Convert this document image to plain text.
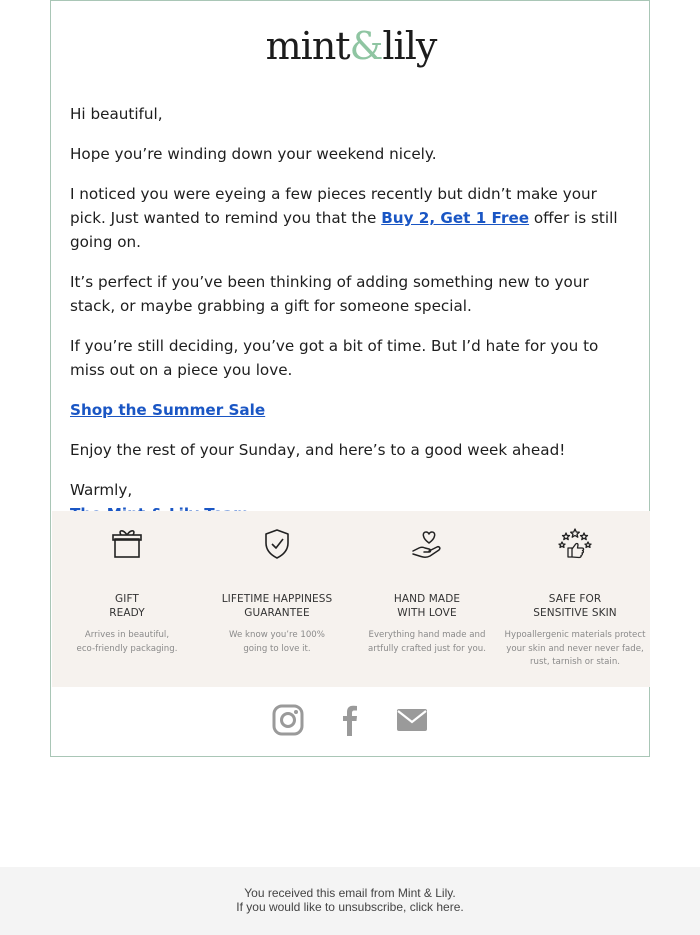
mint&lily

Hi beautiful,

Hope you’re winding down your weekend nicely.

I noticed you were eyeing a few pieces recently but didn’t make your pick. Just wanted to remind you that the Buy 2, Get 1 Free offer is still going on.

It’s perfect if you’ve been thinking of adding something new to your stack, or maybe grabbing a gift for someone special.

If you’re still deciding, you’ve got a bit of time. But I’d hate for you to miss out on a piece you love.

Shop the Summer Sale

Enjoy the rest of your Sunday, and here’s to a good week ahead!

Warmly,

GIFT
READY
Arrives in beautiful,
eco-friendly packaging.
LIFETIME HAPPINESS
GUARANTEE
We know you’re 100%
going to love it.
HAND MADE
WITH LOVE
Everything hand made and
artfully crafted just for you.
SAFE FOR
SENSITIVE SKIN
Hypoallergenic materials protect
your skin and never never fade,
rust, tarnish or stain.
You received this email from Mint & Lily.
If you would like to unsubscribe, click here.
